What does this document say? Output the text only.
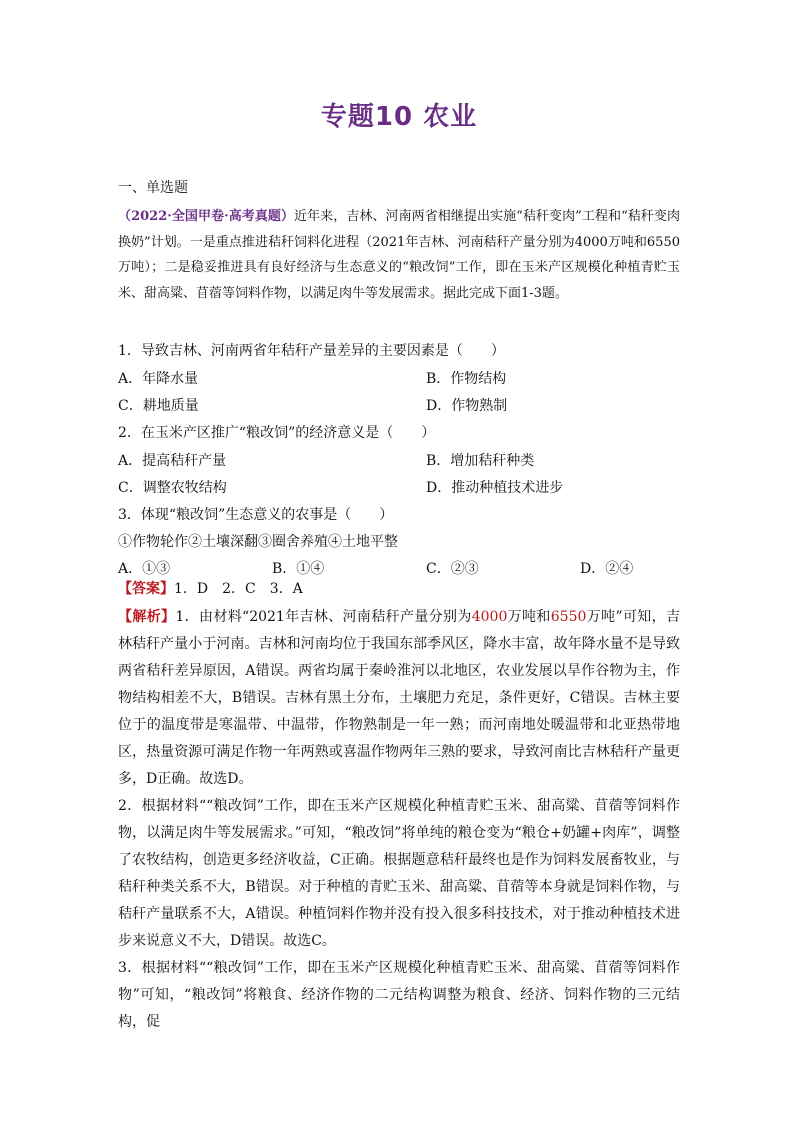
专题10 农业
一、单选题
（2022·全国甲卷·高考真题）近年来，吉林、河南两省相继提出实施“秸秆变肉”工程和“秸秆变肉换奶”计划。一是重点推进秸秆饲料化进程（2021年吉林、河南秸秆产量分别为4000万吨和6550万吨）；二是稳妥推进具有良好经济与生态意义的“粮改饲”工作，即在玉米产区规模化种植青贮玉米、甜高粱、苜蓿等饲料作物，以满足肉牛等发展需求。据此完成下面1-3题。
1．导致吉林、河南两省年秸秆产量差异的主要因素是（　　）
A．年降水量	B．作物结构
C．耕地质量	D．作物熟制
2．在玉米产区推广“粮改饲”的经济意义是（　　）
A．提高秸秆产量	B．增加秸秆种类
C．调整农牧结构	D．推动种植技术进步
3．体现“粮改饲”生态意义的农事是（　　）
①作物轮作②土壤深翻③圈舍养殖④土地平整
A．①③	B．①④	C．②③	D．②④
【答案】1．D　2．C　3．A

【解析】1．由材料“2021年吉林、河南秸秆产量分别为4000万吨和6550万吨”可知，吉林秸秆产量小于河南。吉林和河南均位于我国东部季风区，降水丰富，故年降水量不是导致两省秸秆差异原因，A错误。两省均属于秦岭淮河以北地区，农业发展以旱作谷物为主，作物结构相差不大，B错误。吉林有黑土分布，土壤肥力充足，条件更好，C错误。吉林主要位于的温度带是寒温带、中温带，作物熟制是一年一熟；而河南地处暖温带和北亚热带地区，热量资源可满足作物一年两熟或喜温作物两年三熟的要求，导致河南比吉林秸秆产量更多，D正确。故选D。

2．根据材料““粮改饲”工作，即在玉米产区规模化种植青贮玉米、甜高粱、苜蓿等饲料作物，以满足肉牛等发展需求。”可知，“粮改饲”将单纯的粮仓变为“粮仓+奶罐+肉库”，调整了农牧结构，创造更多经济收益，C正确。根据题意秸秆最终也是作为饲料发展畜牧业，与秸秆种类关系不大，B错误。对于种植的青贮玉米、甜高粱、苜蓿等本身就是饲料作物，与秸秆产量联系不大，A错误。种植饲料作物并没有投入很多科技技术，对于推动种植技术进步来说意义不大，D错误。故选C。

3．根据材料““粮改饲”工作，即在玉米产区规模化种植青贮玉米、甜高粱、苜蓿等饲料作物”可知，“粮改饲”将粮食、经济作物的二元结构调整为粮食、经济、饲料作物的三元结构，促
